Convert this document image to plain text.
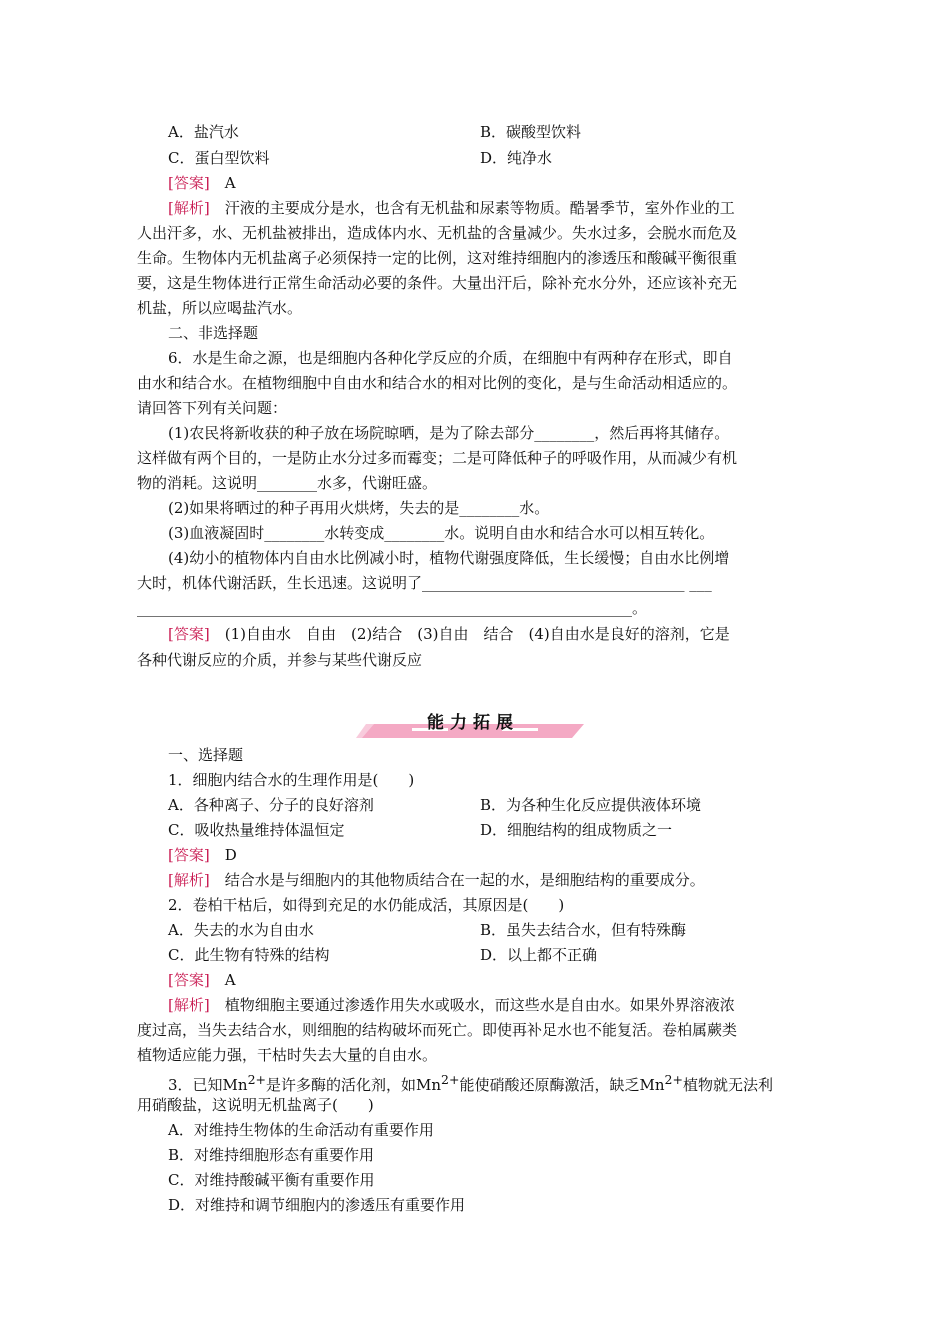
A．盐汽水	B．碳酸型饮料
C．蛋白型饮料	D．纯净水
[答案]　 A
[解析]　 汗液的主要成分是水，也含有无机盐和尿素等物质。酷暑季节，室外作业的工
人出汗多，水、无机盐被排出，造成体内水、无机盐的含量减少。失水过多，会脱水而危及
生命。生物体内无机盐离子必须保持一定的比例，这对维持细胞内的渗透压和酸碱平衡很重
要，这是生物体进行正常生命活动必要的条件。大量出汗后，除补充水分外，还应该补充无
机盐，所以应喝盐汽水。
二、非选择题
6．水是生命之源，也是细胞内各种化学反应的介质，在细胞中有两种存在形式，即自
由水和结合水。在植物细胞中自由水和结合水的相对比例的变化，是与生命活动相适应的。
请回答下列有关问题：
(1)农民将新收获的种子放在场院晾晒，是为了除去部分________，然后再将其储存。
这样做有两个目的，一是防止水分过多而霉变；二是可降低种子的呼吸作用，从而减少有机
物的消耗。这说明________水多，代谢旺盛。
(2)如果将晒过的种子再用火烘烤，失去的是________水。
(3)血液凝固时________水转变成________水。说明自由水和结合水可以相互转化。
(4)幼小的植物体内自由水比例减小时，植物代谢强度降低，生长缓慢；自由水比例增
大时，机体代谢活跃，生长迅速。这说明了___________________________________ ___
__________________________________________________________________。
[答案]　 (1)自由水　自由　(2)结合　(3)自由　结合　(4)自由水是良好的溶剂，它是
各种代谢反应的介质，并参与某些代谢反应
能力拓展
一、选择题
1．细胞内结合水的生理作用是(　　)
A．各种离子、分子的良好溶剂	B．为各种生化反应提供液体环境
C．吸收热量维持体温恒定	D．细胞结构的组成物质之一
[答案]　 D
[解析]　 结合水是与细胞内的其他物质结合在一起的水，是细胞结构的重要成分。
2．卷柏干枯后，如得到充足的水仍能成活，其原因是(　　)
A．失去的水为自由水	B．虽失去结合水，但有特殊酶
C．此生物有特殊的结构	D．以上都不正确
[答案]　 A
[解析]　 植物细胞主要通过渗透作用失水或吸水，而这些水是自由水。如果外界溶液浓
度过高，当失去结合水，则细胞的结构破坏而死亡。即使再补足水也不能复活。卷柏属蕨类
植物适应能力强，干枯时失去大量的自由水。
3．已知$Mn^{2+}$是许多酶的活化剂，如$Mn^{2+}$能使硝酸还原酶激活，缺乏$Mn^{2+}$植物就无法利
用硝酸盐，这说明无机盐离子(　　)
A．对维持生物体的生命活动有重要作用
B．对维持细胞形态有重要作用
C．对维持酸碱平衡有重要作用
D．对维持和调节细胞内的渗透压有重要作用
